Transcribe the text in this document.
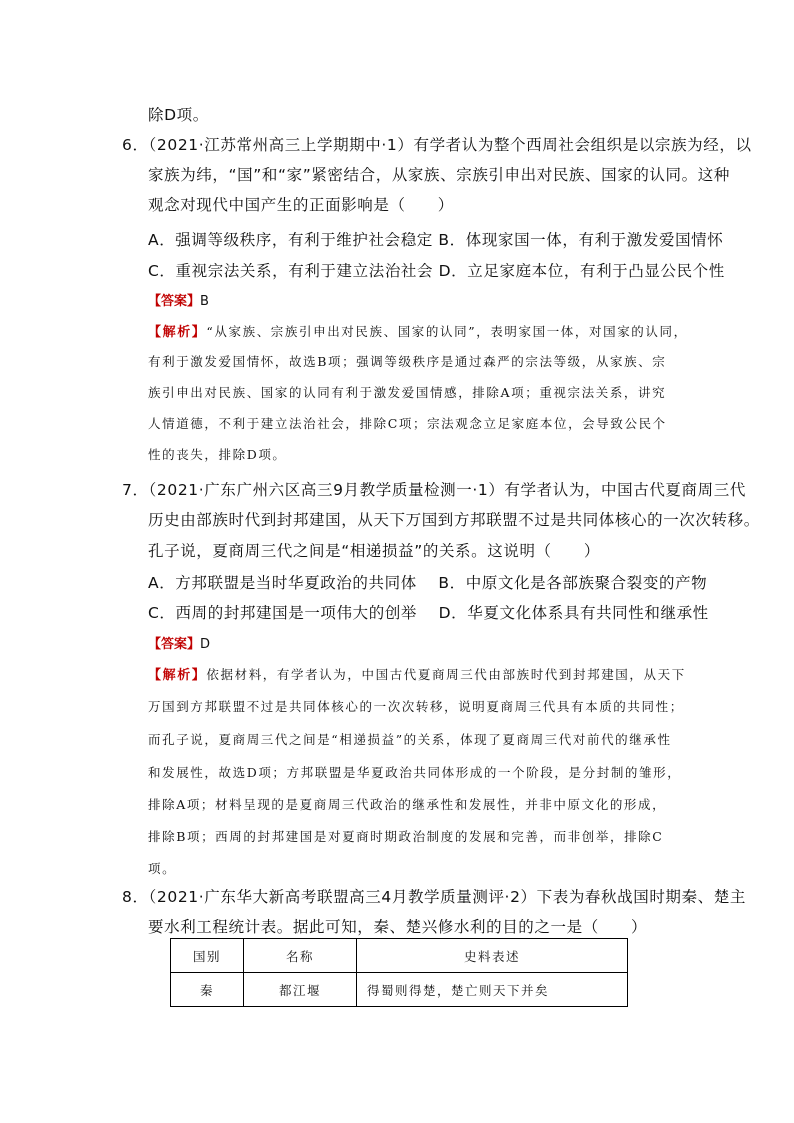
除D项。
6．（2021·江苏常州高三上学期期中·1）有学者认为整个西周社会组织是以宗族为经，以
家族为纬，“国”和“家”紧密结合，从家族、宗族引申出对民族、国家的认同。这种
观念对现代中国产生的正面影响是（　　）
A．强调等级秩序，有利于维护社会稳定 B．体现家国一体，有利于激发爱国情怀
C．重视宗法关系，有利于建立法治社会 D．立足家庭本位，有利于凸显公民个性
【答案】B
【解析】“从家族、宗族引申出对民族、国家的认同”，表明家国一体，对国家的认同，
有利于激发爱国情怀，故选B项；强调等级秩序是通过森严的宗法等级，从家族、宗
族引申出对民族、国家的认同有利于激发爱国情感，排除A项；重视宗法关系，讲究
人情道德，不利于建立法治社会，排除C项；宗法观念立足家庭本位，会导致公民个
性的丧失，排除D项。
7．（2021·广东广州六区高三9月教学质量检测一·1）有学者认为，中国古代夏商周三代
历史由部族时代到封邦建国，从天下万国到方邦联盟不过是共同体核心的一次次转移。
孔子说，夏商周三代之间是“相递损益”的关系。这说明（　　）
A．方邦联盟是当时华夏政治的共同体　 B．中原文化是各部族聚合裂变的产物
C．西周的封邦建国是一项伟大的创举　 D．华夏文化体系具有共同性和继承性
【答案】D
【解析】依据材料，有学者认为，中国古代夏商周三代由部族时代到封邦建国，从天下
万国到方邦联盟不过是共同体核心的一次次转移，说明夏商周三代具有本质的共同性；
而孔子说，夏商周三代之间是“相递损益”的关系，体现了夏商周三代对前代的继承性
和发展性，故选D项；方邦联盟是华夏政治共同体形成的一个阶段，是分封制的雏形，
排除A项；材料呈现的是夏商周三代政治的继承性和发展性，并非中原文化的形成，
排除B项；西周的封邦建国是对夏商时期政治制度的发展和完善，而非创举，排除C
项。
8．（2021·广东华大新高考联盟高三4月教学质量测评·2）下表为春秋战国时期秦、楚主
要水利工程统计表。据此可知，秦、楚兴修水利的目的之一是（　　）
国别	名称	史料表述
秦	都江堰	得蜀则得楚，楚亡则天下并矣
